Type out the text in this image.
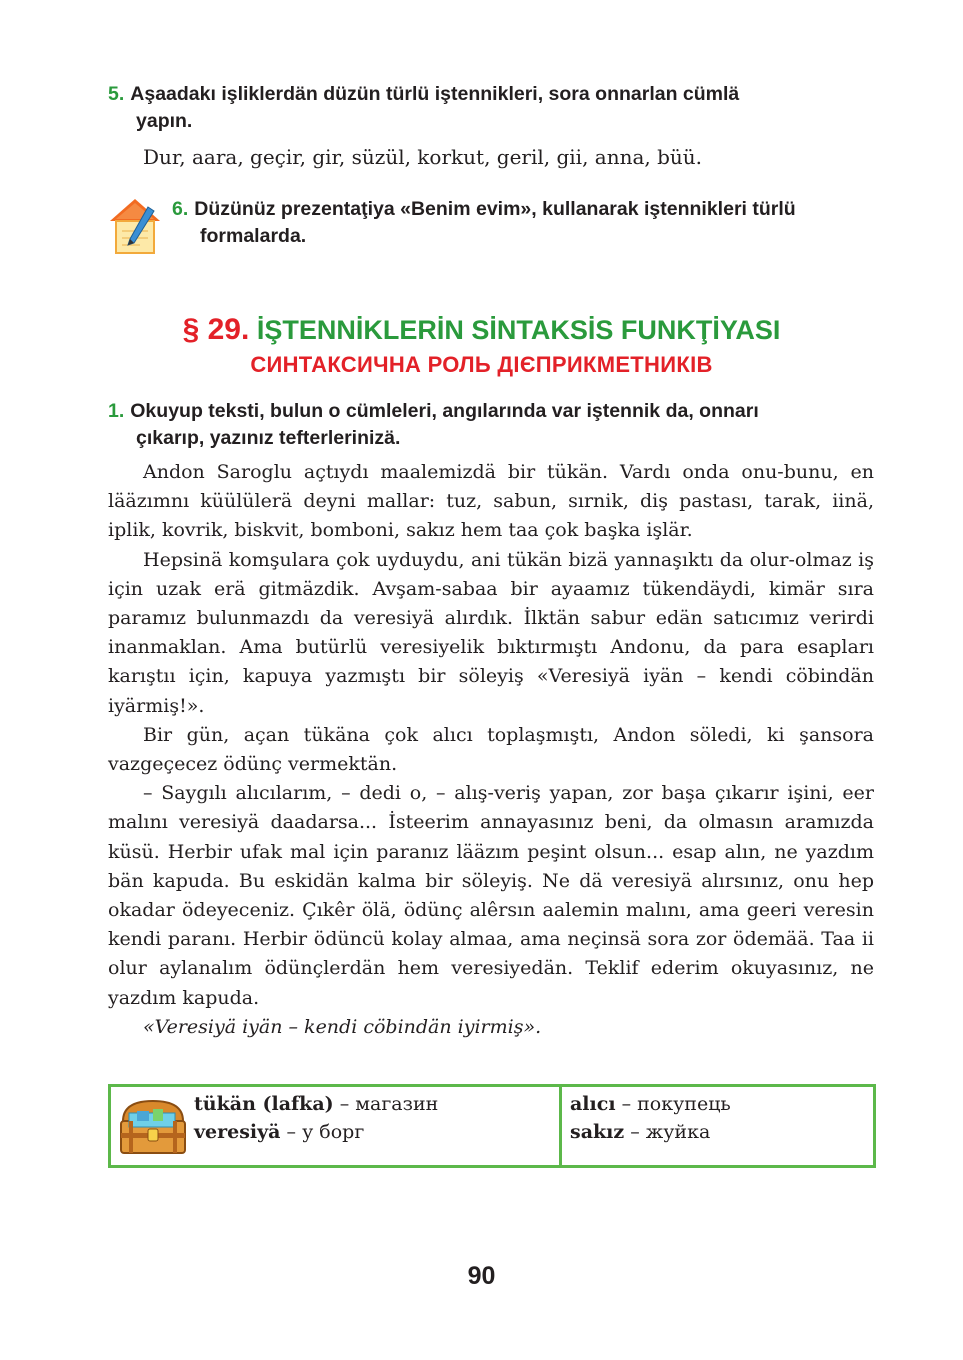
5. Aşaadakı işliklerdän düzün türlü iştennikleri, sora onnarlan cümlä
yapın.
Dur, aara, geçir, gir, süzül, korkut, geril, gii, anna, büü.
6. Düzünüz prezentaţiya «Benim evim», kullanarak iştennikleri türlü
formalarda.
§ 29. İŞTENNİKLERİN SİNTAKSİS FUNKŢİYASI
СИНТАКСИЧНА РОЛЬ ДІЄПРИКМЕТНИКІВ
1. Okuyup teksti, bulun o cümleleri, angılarında var iştennik da, onnarı
çıkarıp, yazınız tefterlerinizä.

Andon Saroglu açtıydı maalemizdä bir tükän. Vardı onda onu-bunu, en lääzımnı küülülerä deyni mallar: tuz, sabun, sırnik, diş pastası, tarak, iinä, iplik, kovrik, biskvit, bomboni, sakız hem taa çok başka işlär.

Hepsinä komşulara çok uyduydu, ani tükän bizä yannaşıktı da olur-olmaz iş için uzak erä gitmäzdik. Avşam-sabaa bir ayaamız tükendäydi, kimär sıra paramız bulunmazdı da veresiyä alırdık. İlktän sabur edän satıcımız verirdi inanmaklan. Ama butürlü veresiyelik bıktırmıştı Andonu, da para esapları karıştıı için, kapuya yazmıştı bir söleyiş «Veresiyä iyän – kendi cöbindän iyärmiş!».

Bir gün, açan tükäna çok alıcı toplaşmıştı, Andon söledi, ki şansora vazgeçecez ödünç vermektän.

– Saygılı alıcılarım, – dedi o, – alış-veriş yapan, zor başa çıkarır işini, eer malını veresiyä daadarsa... İsteerim annayasınız beni, da olmasın aramızda küsü. Herbir ufak mal için paranız lääzım peşint olsun... esap alın, ne yazdım bän kapuda. Bu eskidän kalma bir söleyiş. Ne dä veresiyä alırsınız, onu hep okadar ödeyeceniz. Çıkêr ölä, ödünç alêrsın aalemin malını, ama geeri veresin kendi paranı. Herbir ödüncü kolay almaa, ama neçinsä sora zor ödemää. Taa ii olur aylanalım ödünçlerdän hem veresiyedän. Teklif ederim okuyasınız, ne yazdım kapuda.

«Veresiyä iyän – kendi cöbindän iyirmiş».

tükän (lafka) – магазин
veresiyä – у борг
alıcı – покупець
sakız – жуйка
90
